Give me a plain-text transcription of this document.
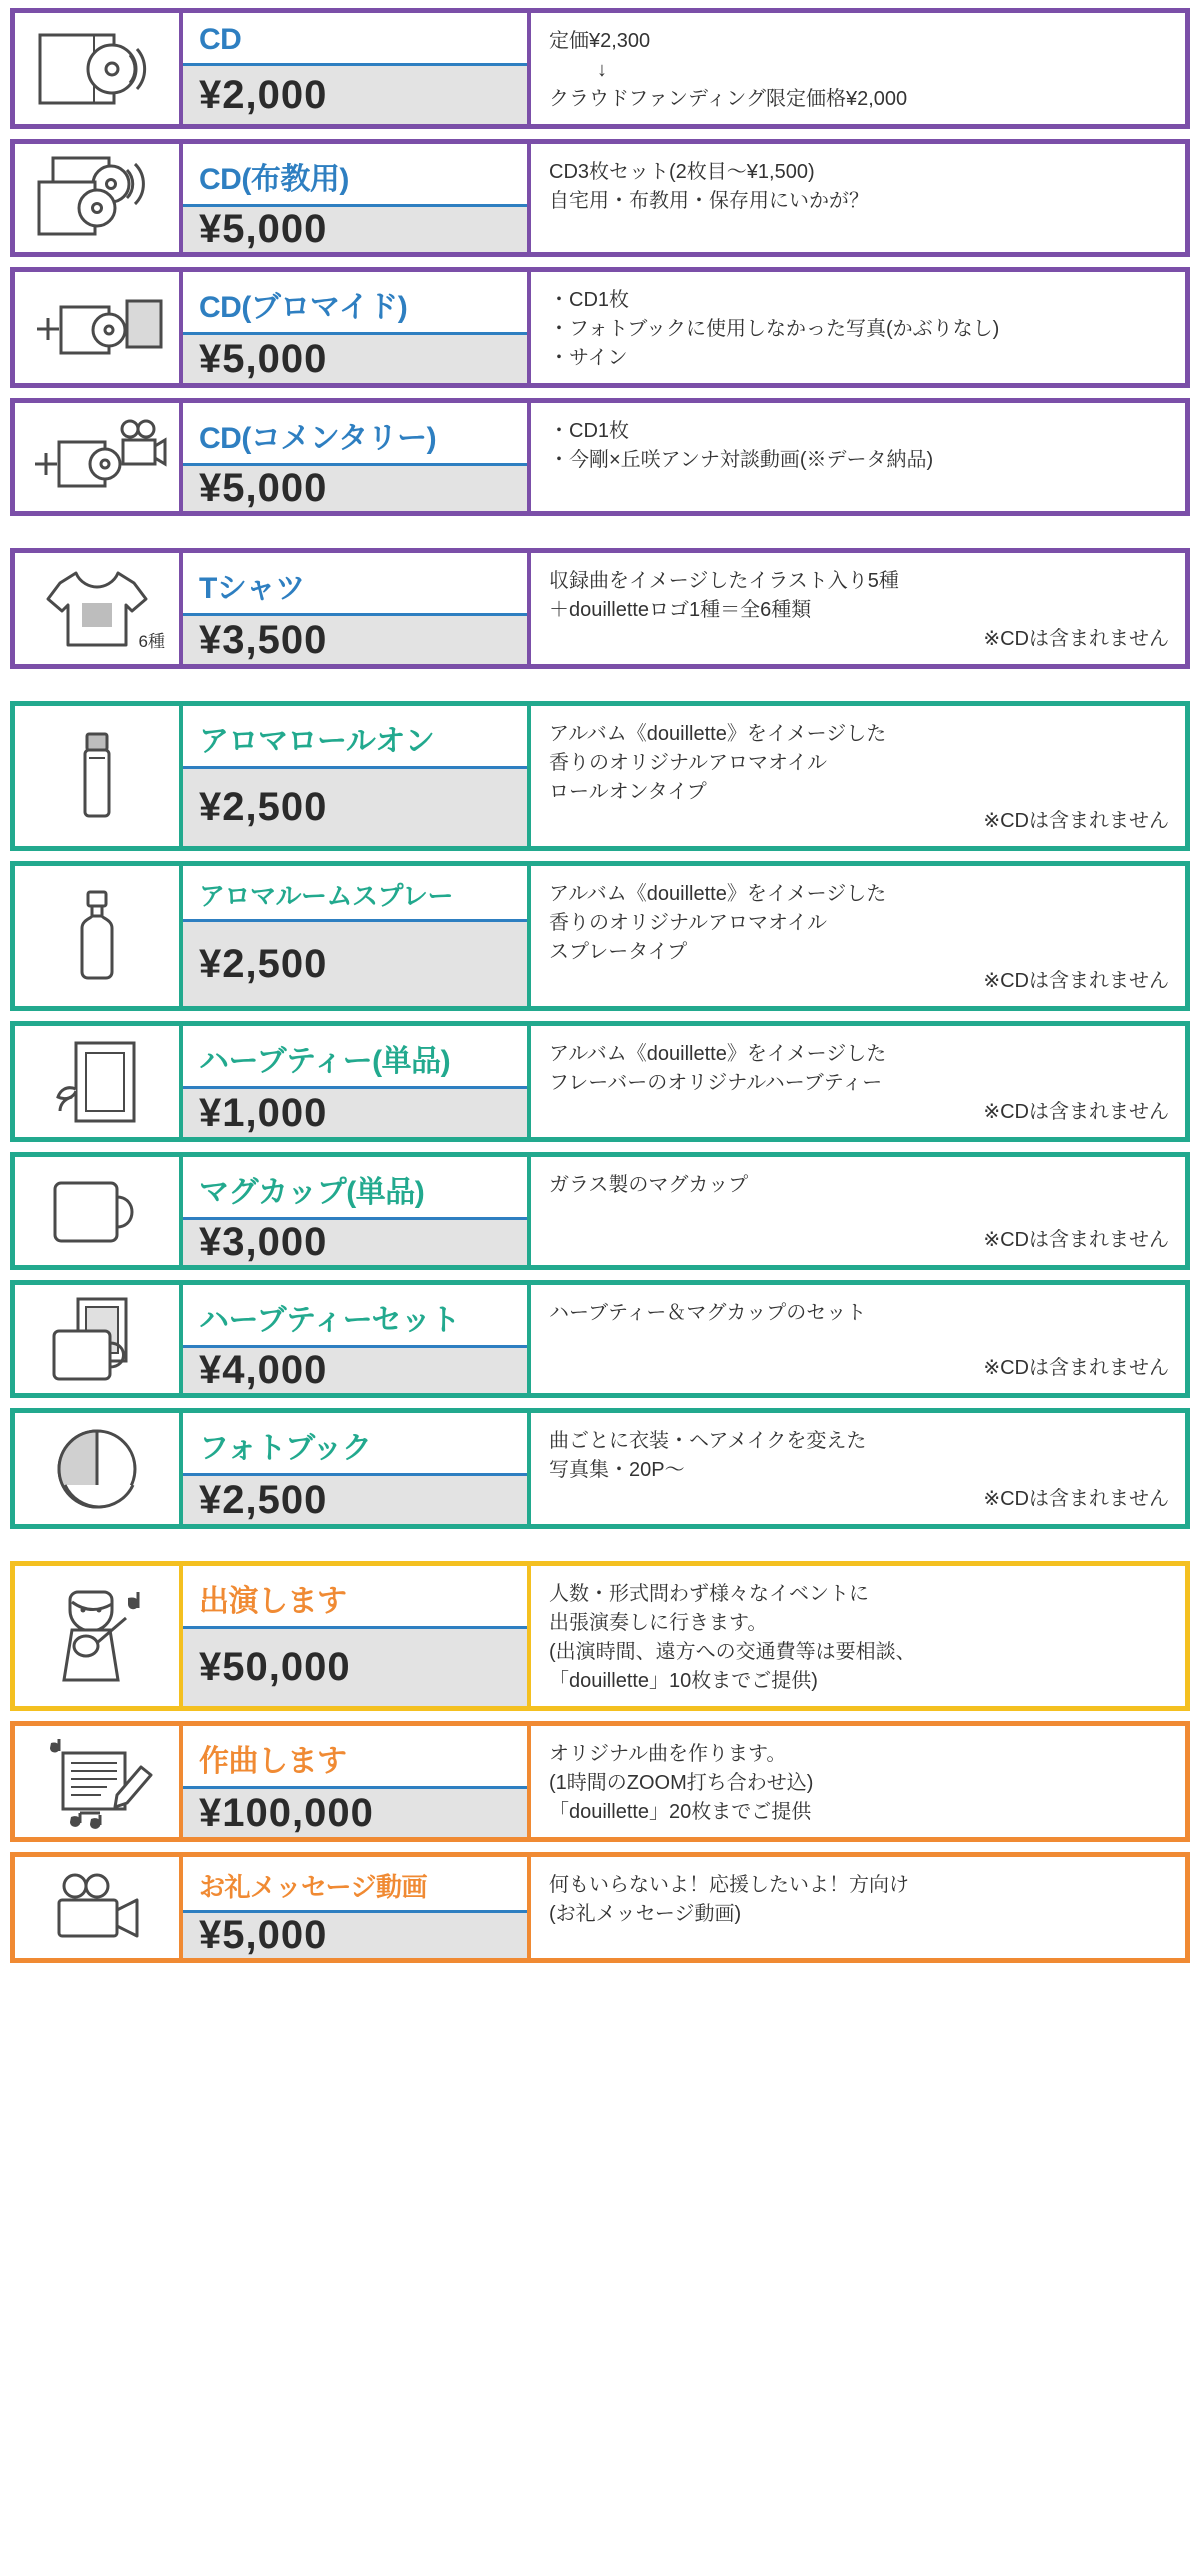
CD
¥2,000
定価¥2,300
↓
クラウドファンディング限定価格¥2,000
CD(布教用)
¥5,000
CD3枚セット(2枚目〜¥1,500)
自宅用・布教用・保存用にいかが？
CD(ブロマイド)
¥5,000
・CD1枚
・フォトブックに使用しなかった写真(かぶりなし)
・サイン
CD(コメンタリー)
¥5,000
・CD1枚
・今剛×丘咲アンナ対談動画(※データ納品)
6種
Tシャツ
¥3,500
収録曲をイメージしたイラスト入り5種
＋douilletteロゴ1種＝全6種類
※CDは含まれません
アロマロールオン
¥2,500
アルバム《douillette》をイメージした
香りのオリジナルアロマオイル
ロールオンタイプ
※CDは含まれません
アロマルームスプレー
¥2,500
アルバム《douillette》をイメージした
香りのオリジナルアロマオイル
スプレータイプ
※CDは含まれません
ハーブティー(単品)
¥1,000
アルバム《douillette》をイメージした
フレーバーのオリジナルハーブティー
※CDは含まれません
マグカップ(単品)
¥3,000
ガラス製のマグカップ
※CDは含まれません
ハーブティーセット
¥4,000
ハーブティー＆マグカップのセット
※CDは含まれません
フォトブック
¥2,500
曲ごとに衣装・ヘアメイクを変えた
写真集・20P〜
※CDは含まれません
出演します
¥50,000
人数・形式問わず様々なイベントに
出張演奏しに行きます。
(出演時間、遠方への交通費等は要相談、
「douillette」10枚までご提供)
作曲します
¥100,000
オリジナル曲を作ります。
(1時間のZOOM打ち合わせ込)
「douillette」20枚までご提供
お礼メッセージ動画
¥5,000
何もいらないよ！応援したいよ！方向け
(お礼メッセージ動画)
